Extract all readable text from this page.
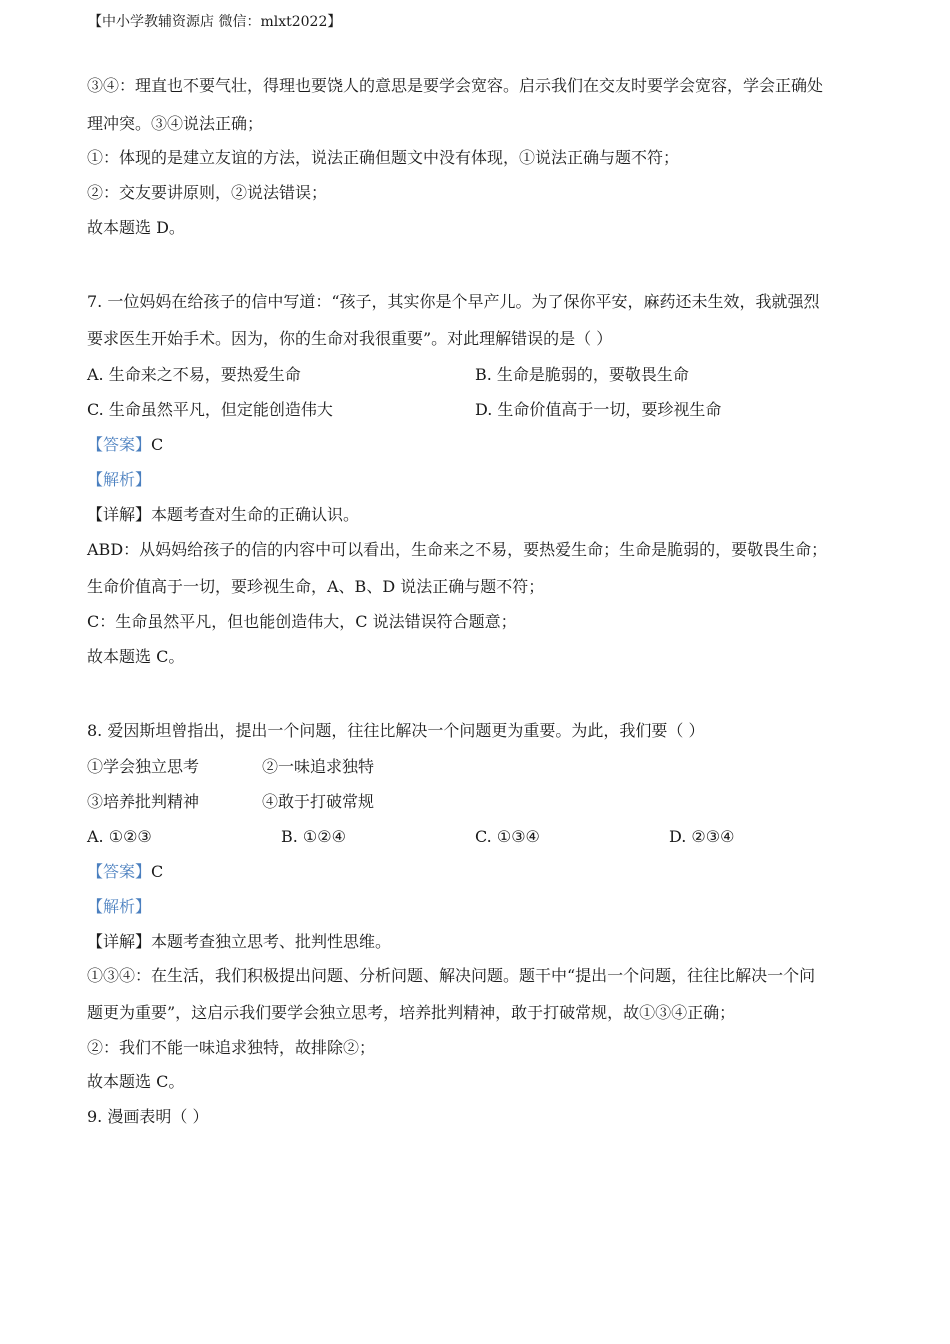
【中小学教辅资源店 微信：mlxt2022】
③④：理直也不要气壮，得理也要饶人的意思是要学会宽容。启示我们在交友时要学会宽容，学会正确处
理冲突。③④说法正确；
①：体现的是建立友谊的方法，说法正确但题文中没有体现，①说法正确与题不符；
②：交友要讲原则，②说法错误；
故本题选 D。
7. 一位妈妈在给孩子的信中写道：“孩子，其实你是个早产儿。为了保你平安，麻药还未生效，我就强烈
要求医生开始手术。因为，你的生命对我很重要”。对此理解错误的是（ ）
A. 生命来之不易，要热爱生命	B. 生命是脆弱的，要敬畏生命
C. 生命虽然平凡，但定能创造伟大	D. 生命价值高于一切，要珍视生命
【答案】C
【解析】
【详解】本题考查对生命的正确认识。
ABD：从妈妈给孩子的信的内容中可以看出，生命来之不易，要热爱生命；生命是脆弱的，要敬畏生命；
生命价值高于一切，要珍视生命，A、B、D 说法正确与题不符；
C：生命虽然平凡，但也能创造伟大，C 说法错误符合题意；
故本题选 C。
8. 爱因斯坦曾指出，提出一个问题，往往比解决一个问题更为重要。为此，我们要（ ）
①学会独立思考	②一味追求独特
③培养批判精神	④敢于打破常规
A. ①②③	B. ①②④	C. ①③④	D. ②③④
【答案】C
【解析】
【详解】本题考查独立思考、批判性思维。
①③④：在生活，我们积极提出问题、分析问题、解决问题。题干中“提出一个问题，往往比解决一个问
题更为重要”，这启示我们要学会独立思考，培养批判精神，敢于打破常规，故①③④正确；
②：我们不能一味追求独特，故排除②；
故本题选 C。
9. 漫画表明（ ）
